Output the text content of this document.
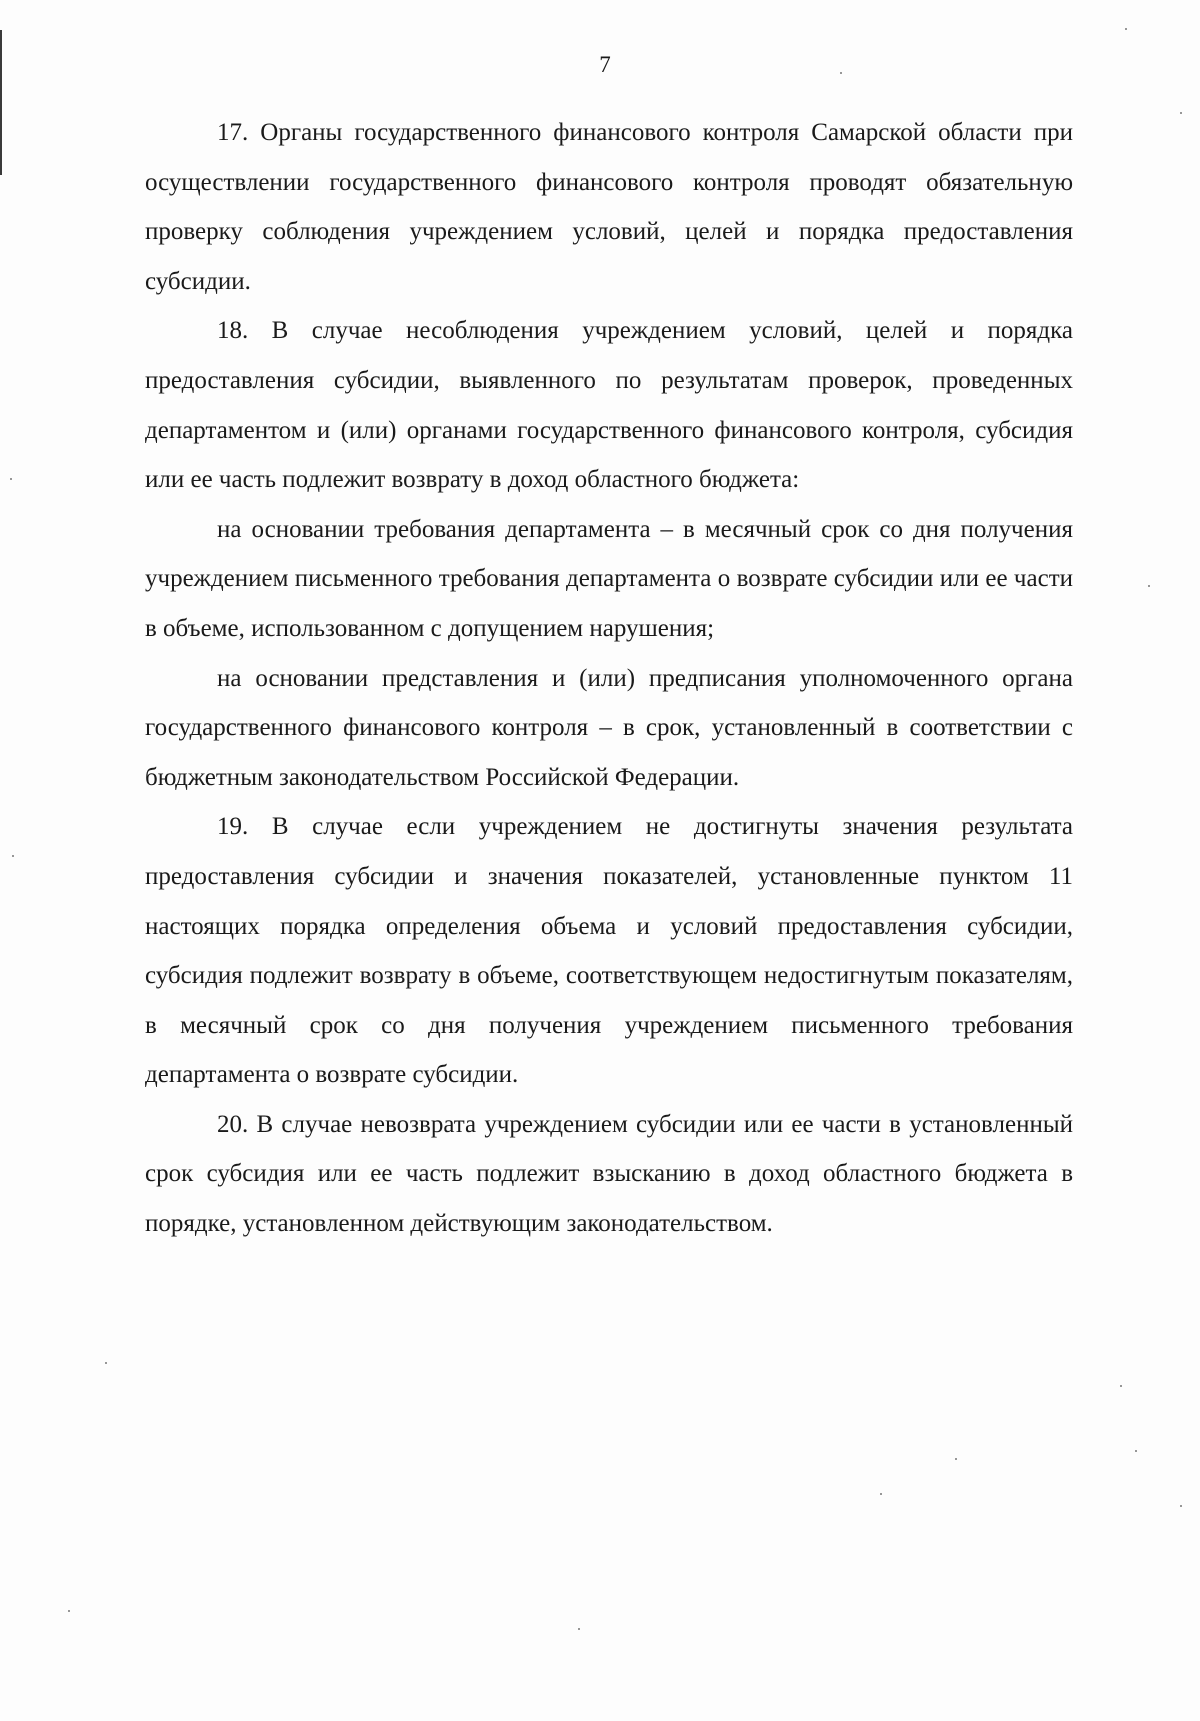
7

17. Органы государственного финансового контроля Самарской области при осуществлении государственного финансового контроля проводят обязательную проверку соблюдения учреждением условий, целей и порядка предоставления субсидии.

18. В случае несоблюдения учреждением условий, целей и порядка предоставления субсидии, выявленного по результатам проверок, проведенных департаментом и (или) органами государственного финансового контроля, субсидия или ее часть подлежит возврату в доход областного бюджета:

на основании требования департамента – в месячный срок со дня получения учреждением письменного требования департамента о возврате субсидии или ее части в объеме, использованном с допущением нарушения;

на основании представления и (или) предписания уполномоченного органа государственного финансового контроля – в срок, установленный в соответствии с бюджетным законодательством Российской Федерации.

19. В случае если учреждением не достигнуты значения результата предоставления субсидии и значения показателей, установленные пунктом 11 настоящих порядка определения объема и условий предоставления субсидии, субсидия подлежит возврату в объеме, соответствующем недостигнутым показателям, в месячный срок со дня получения учреждением письменного требования департамента о возврате субсидии.

20. В случае невозврата учреждением субсидии или ее части в установленный срок субсидия или ее часть подлежит взысканию в доход областного бюджета в порядке, установленном действующим законодательством.
